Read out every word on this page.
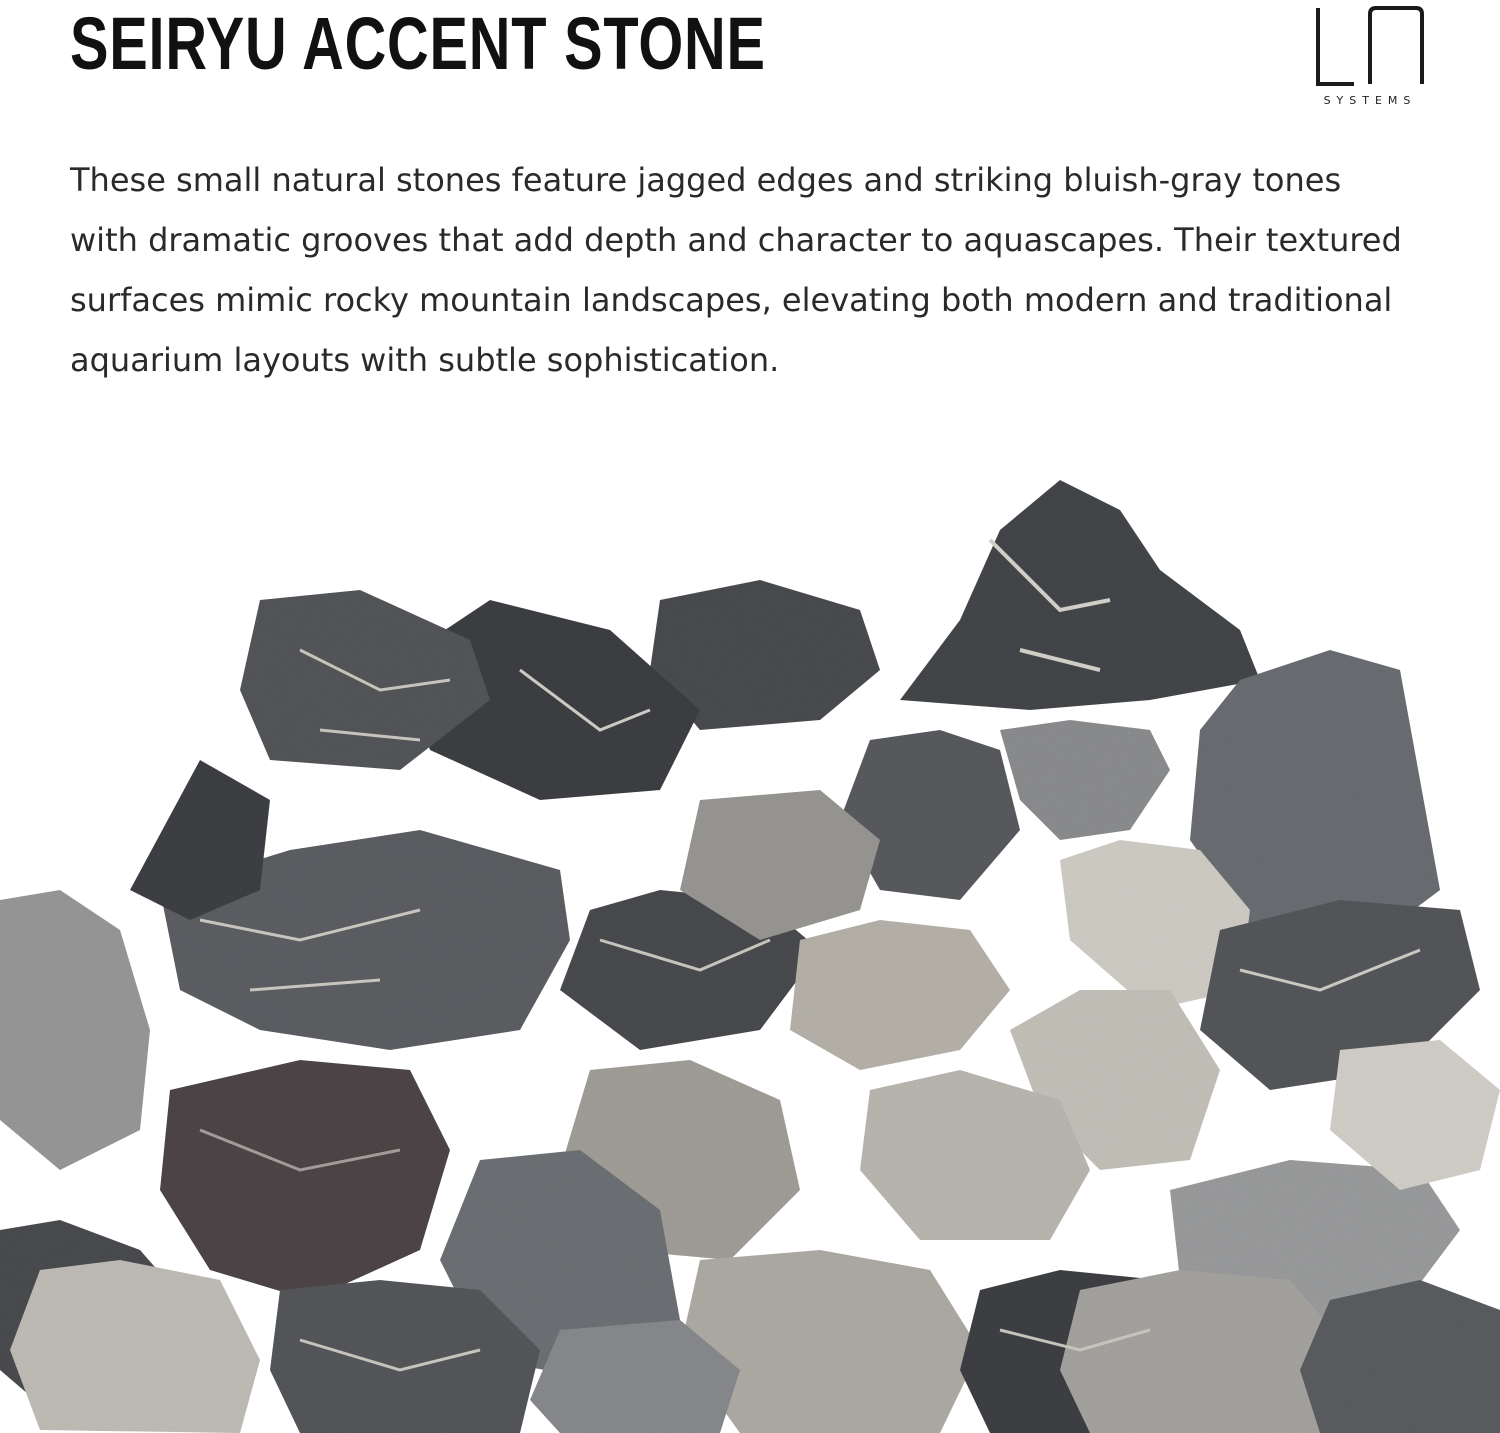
SEIRYU ACCENT STONE
SYSTEMS

These small natural stones feature jagged edges and striking bluish-gray tones with dramatic grooves that add depth and character to aquascapes. Their textured surfaces mimic rocky mountain landscapes, elevating both modern and traditional aquarium layouts with subtle sophistication.
